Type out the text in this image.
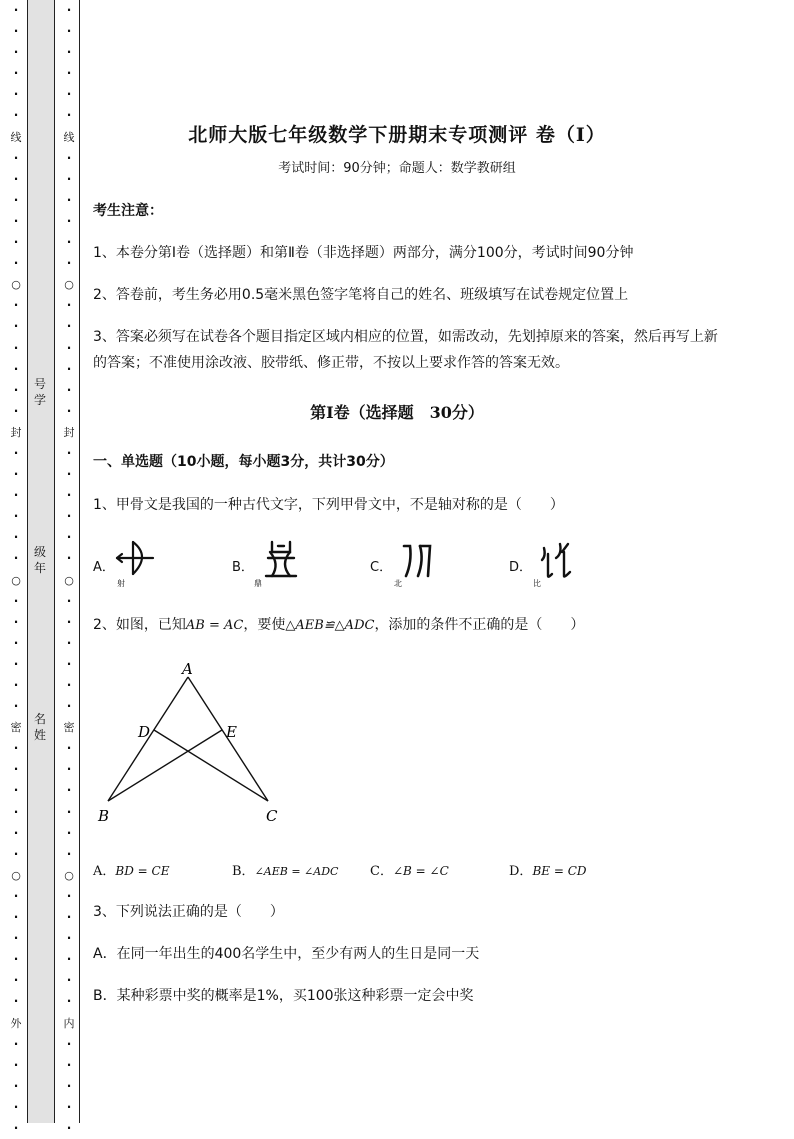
·
·
·
·
·
·
线
·
·
·
·
·
·
○
·
·
·
·
·
·
封
·
·
·
·
·
·
○
·
·
·
·
·
·
密
·
·
·
·
·
·
○
·
·
·
·
·
·
外
·
·
·
·
·
·
·
·
·
·
·
线
·
·
·
·
·
·
○
·
·
·
·
·
·
封
·
·
·
·
·
·
○
·
·
·
·
·
·
密
·
·
·
·
·
·
○
·
·
·
·
·
·
内
·
·
·
·
·
号学
级年
名姓
北师大版七年级数学下册期末专项测评 卷（Ⅰ）
考试时间：90分钟；命题人：数学教研组
考生注意：
1、本卷分第I卷（选择题）和第Ⅱ卷（非选择题）两部分，满分100分，考试时间90分钟
2、答卷前，考生务必用0.5毫米黑色签字笔将自己的姓名、班级填写在试卷规定位置上
3、答案必须写在试卷各个题目指定区域内相应的位置，如需改动，先划掉原来的答案，然后再写上新
的答案；不准使用涂改液、胶带纸、修正带，不按以上要求作答的答案无效。
第I卷（选择题　30分）
一、单选题（10小题，每小题3分，共计30分）
1、甲骨文是我国的一种古代文字，下列甲骨文中，不是轴对称的是（　　）
A．
射
B．
鼎
C．
北
D．
比
2、如图，已知AB = AC，要使△AEB≌△ADC，添加的条件不正确的是（　　）
A
D	E
B	C
A．BD = CE	B．∠AEB = ∠ADC C．∠B = ∠C	D．BE = CD
3、下列说法正确的是（　　）
A．在同一年出生的400名学生中，至少有两人的生日是同一天
B．某种彩票中奖的概率是1%，买100张这种彩票一定会中奖
